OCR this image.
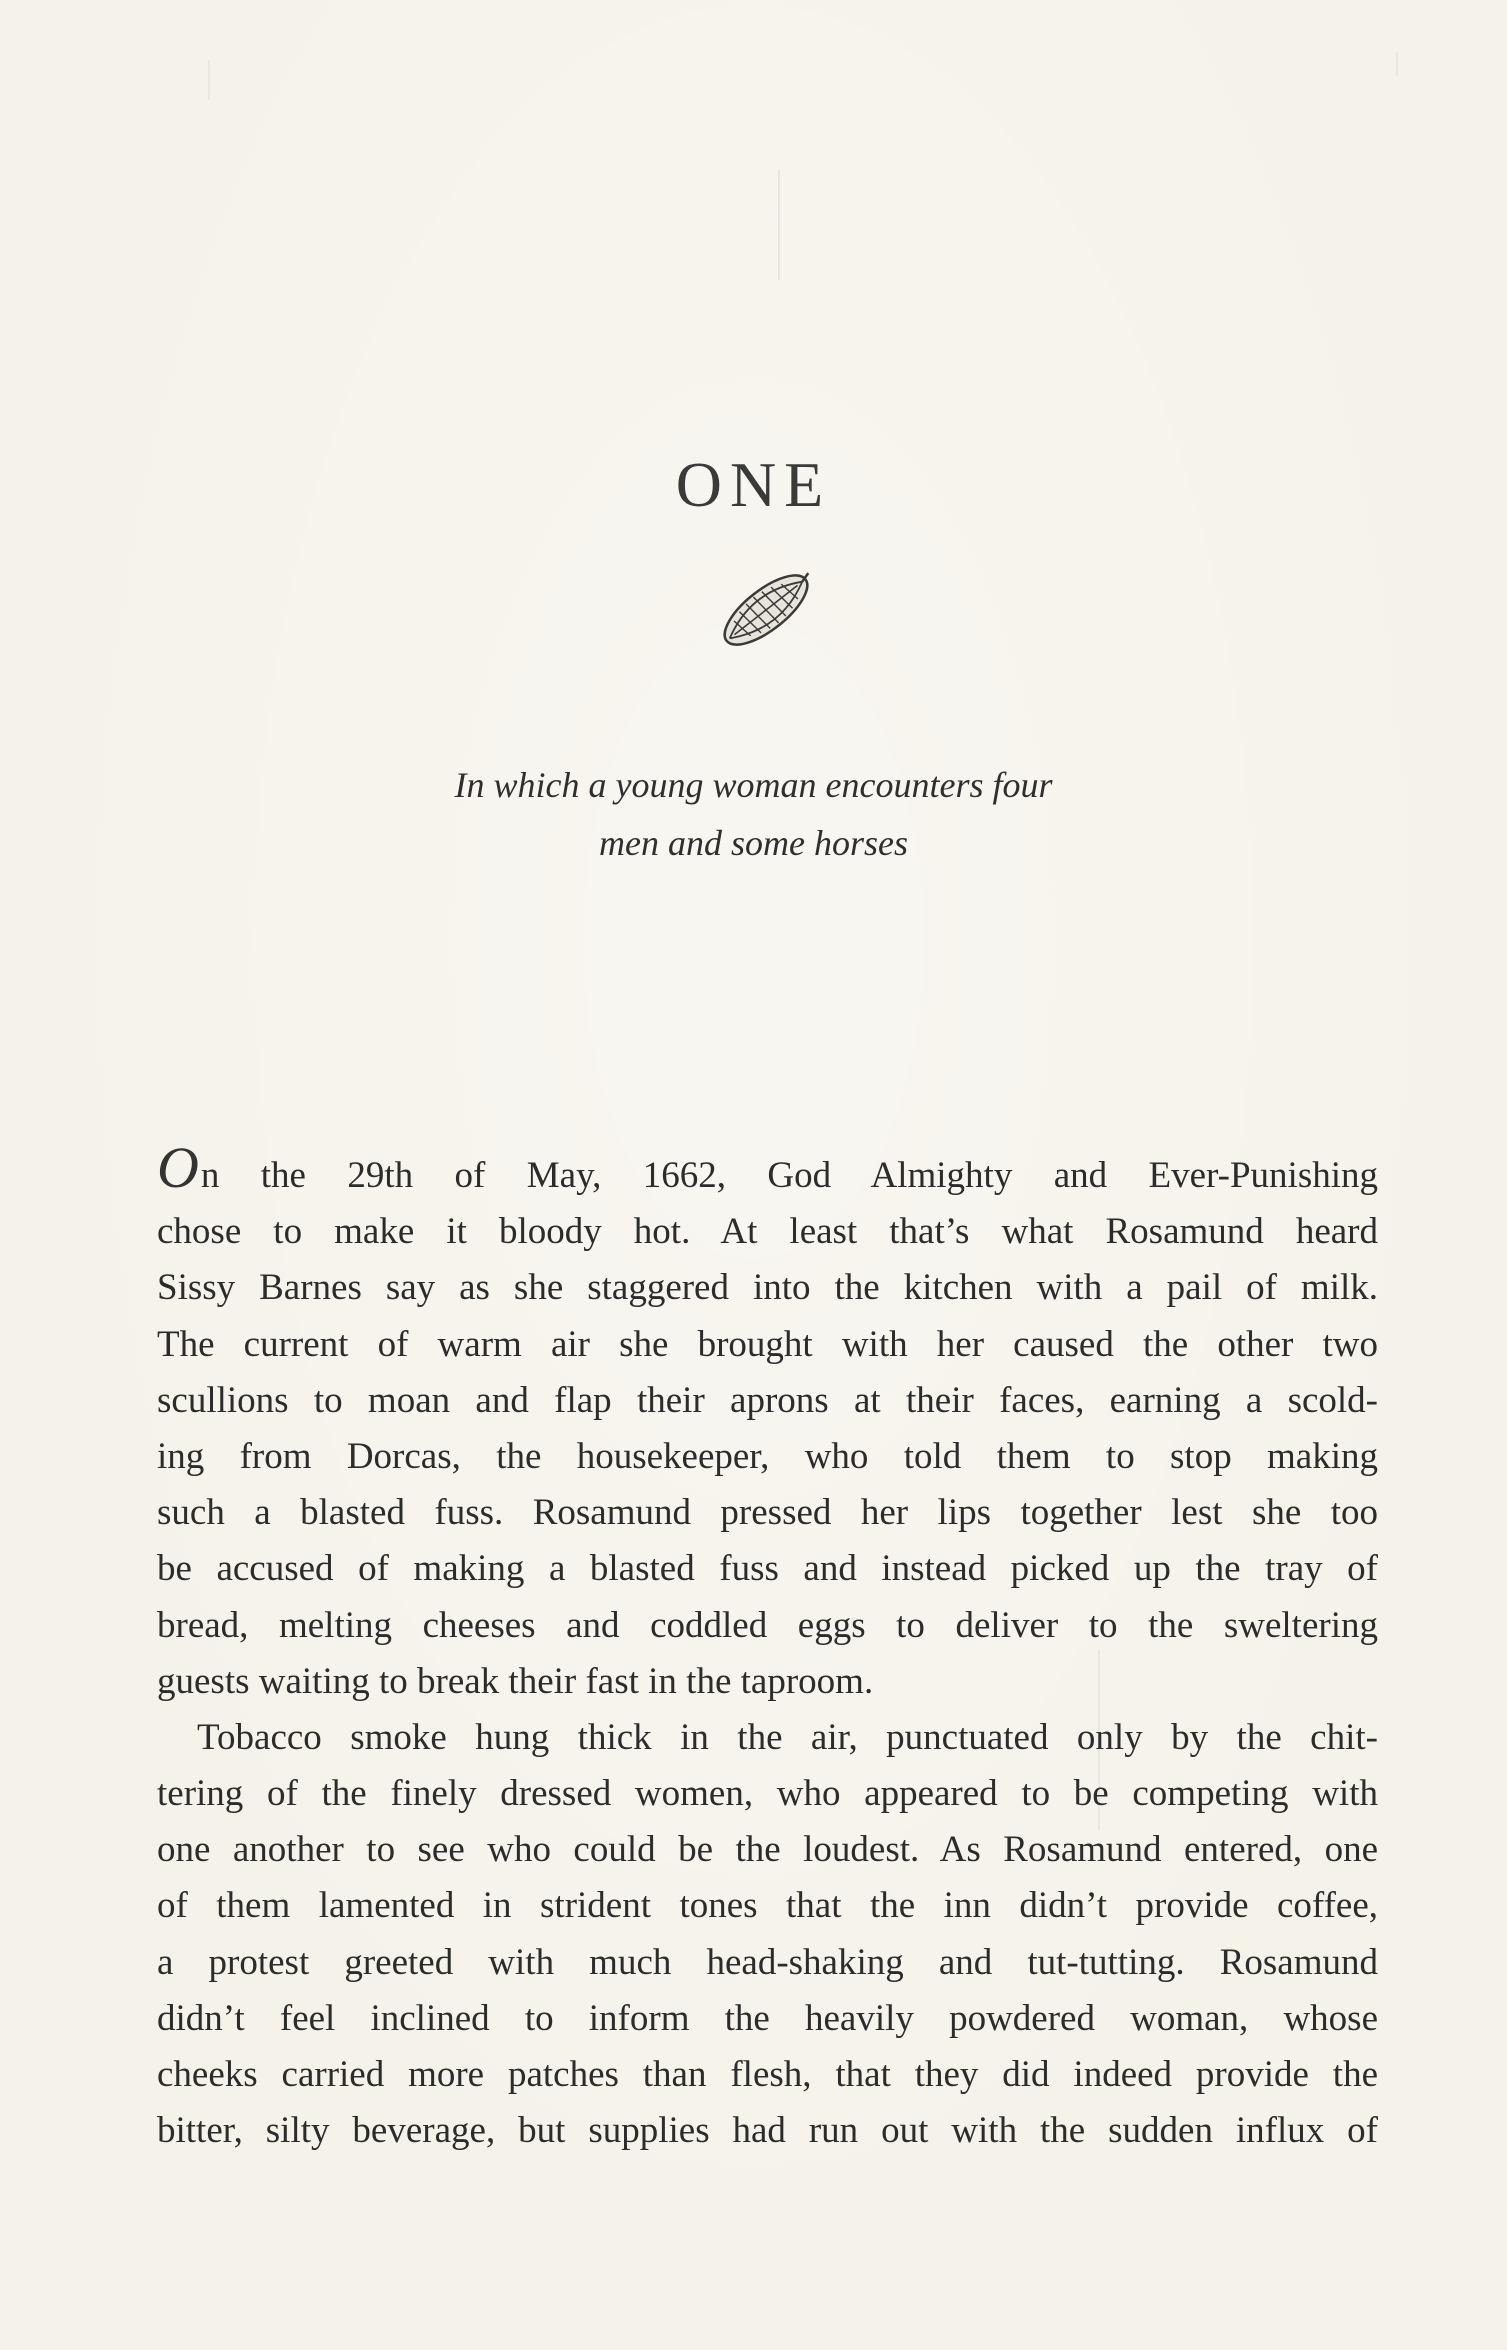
ONE
In which a young woman encounters four
men and some horses
On the 29th of May, 1662, God Almighty and Ever-Punishing
chose to make it bloody hot. At least that’s what Rosamund heard
Sissy Barnes say as she staggered into the kitchen with a pail of milk.
The current of warm air she brought with her caused the other two
scullions to moan and flap their aprons at their faces, earning a scold-
ing from Dorcas, the housekeeper, who told them to stop making
such a blasted fuss. Rosamund pressed her lips together lest she too
be accused of making a blasted fuss and instead picked up the tray of
bread, melting cheeses and coddled eggs to deliver to the sweltering
guests waiting to break their fast in the taproom.
Tobacco smoke hung thick in the air, punctuated only by the chit-
tering of the finely dressed women, who appeared to be competing with
one another to see who could be the loudest. As Rosamund entered, one
of them lamented in strident tones that the inn didn’t provide coffee,
a protest greeted with much head-shaking and tut-tutting. Rosamund
didn’t feel inclined to inform the heavily powdered woman, whose
cheeks carried more patches than flesh, that they did indeed provide the
bitter, silty beverage, but supplies had run out with the sudden influx of
